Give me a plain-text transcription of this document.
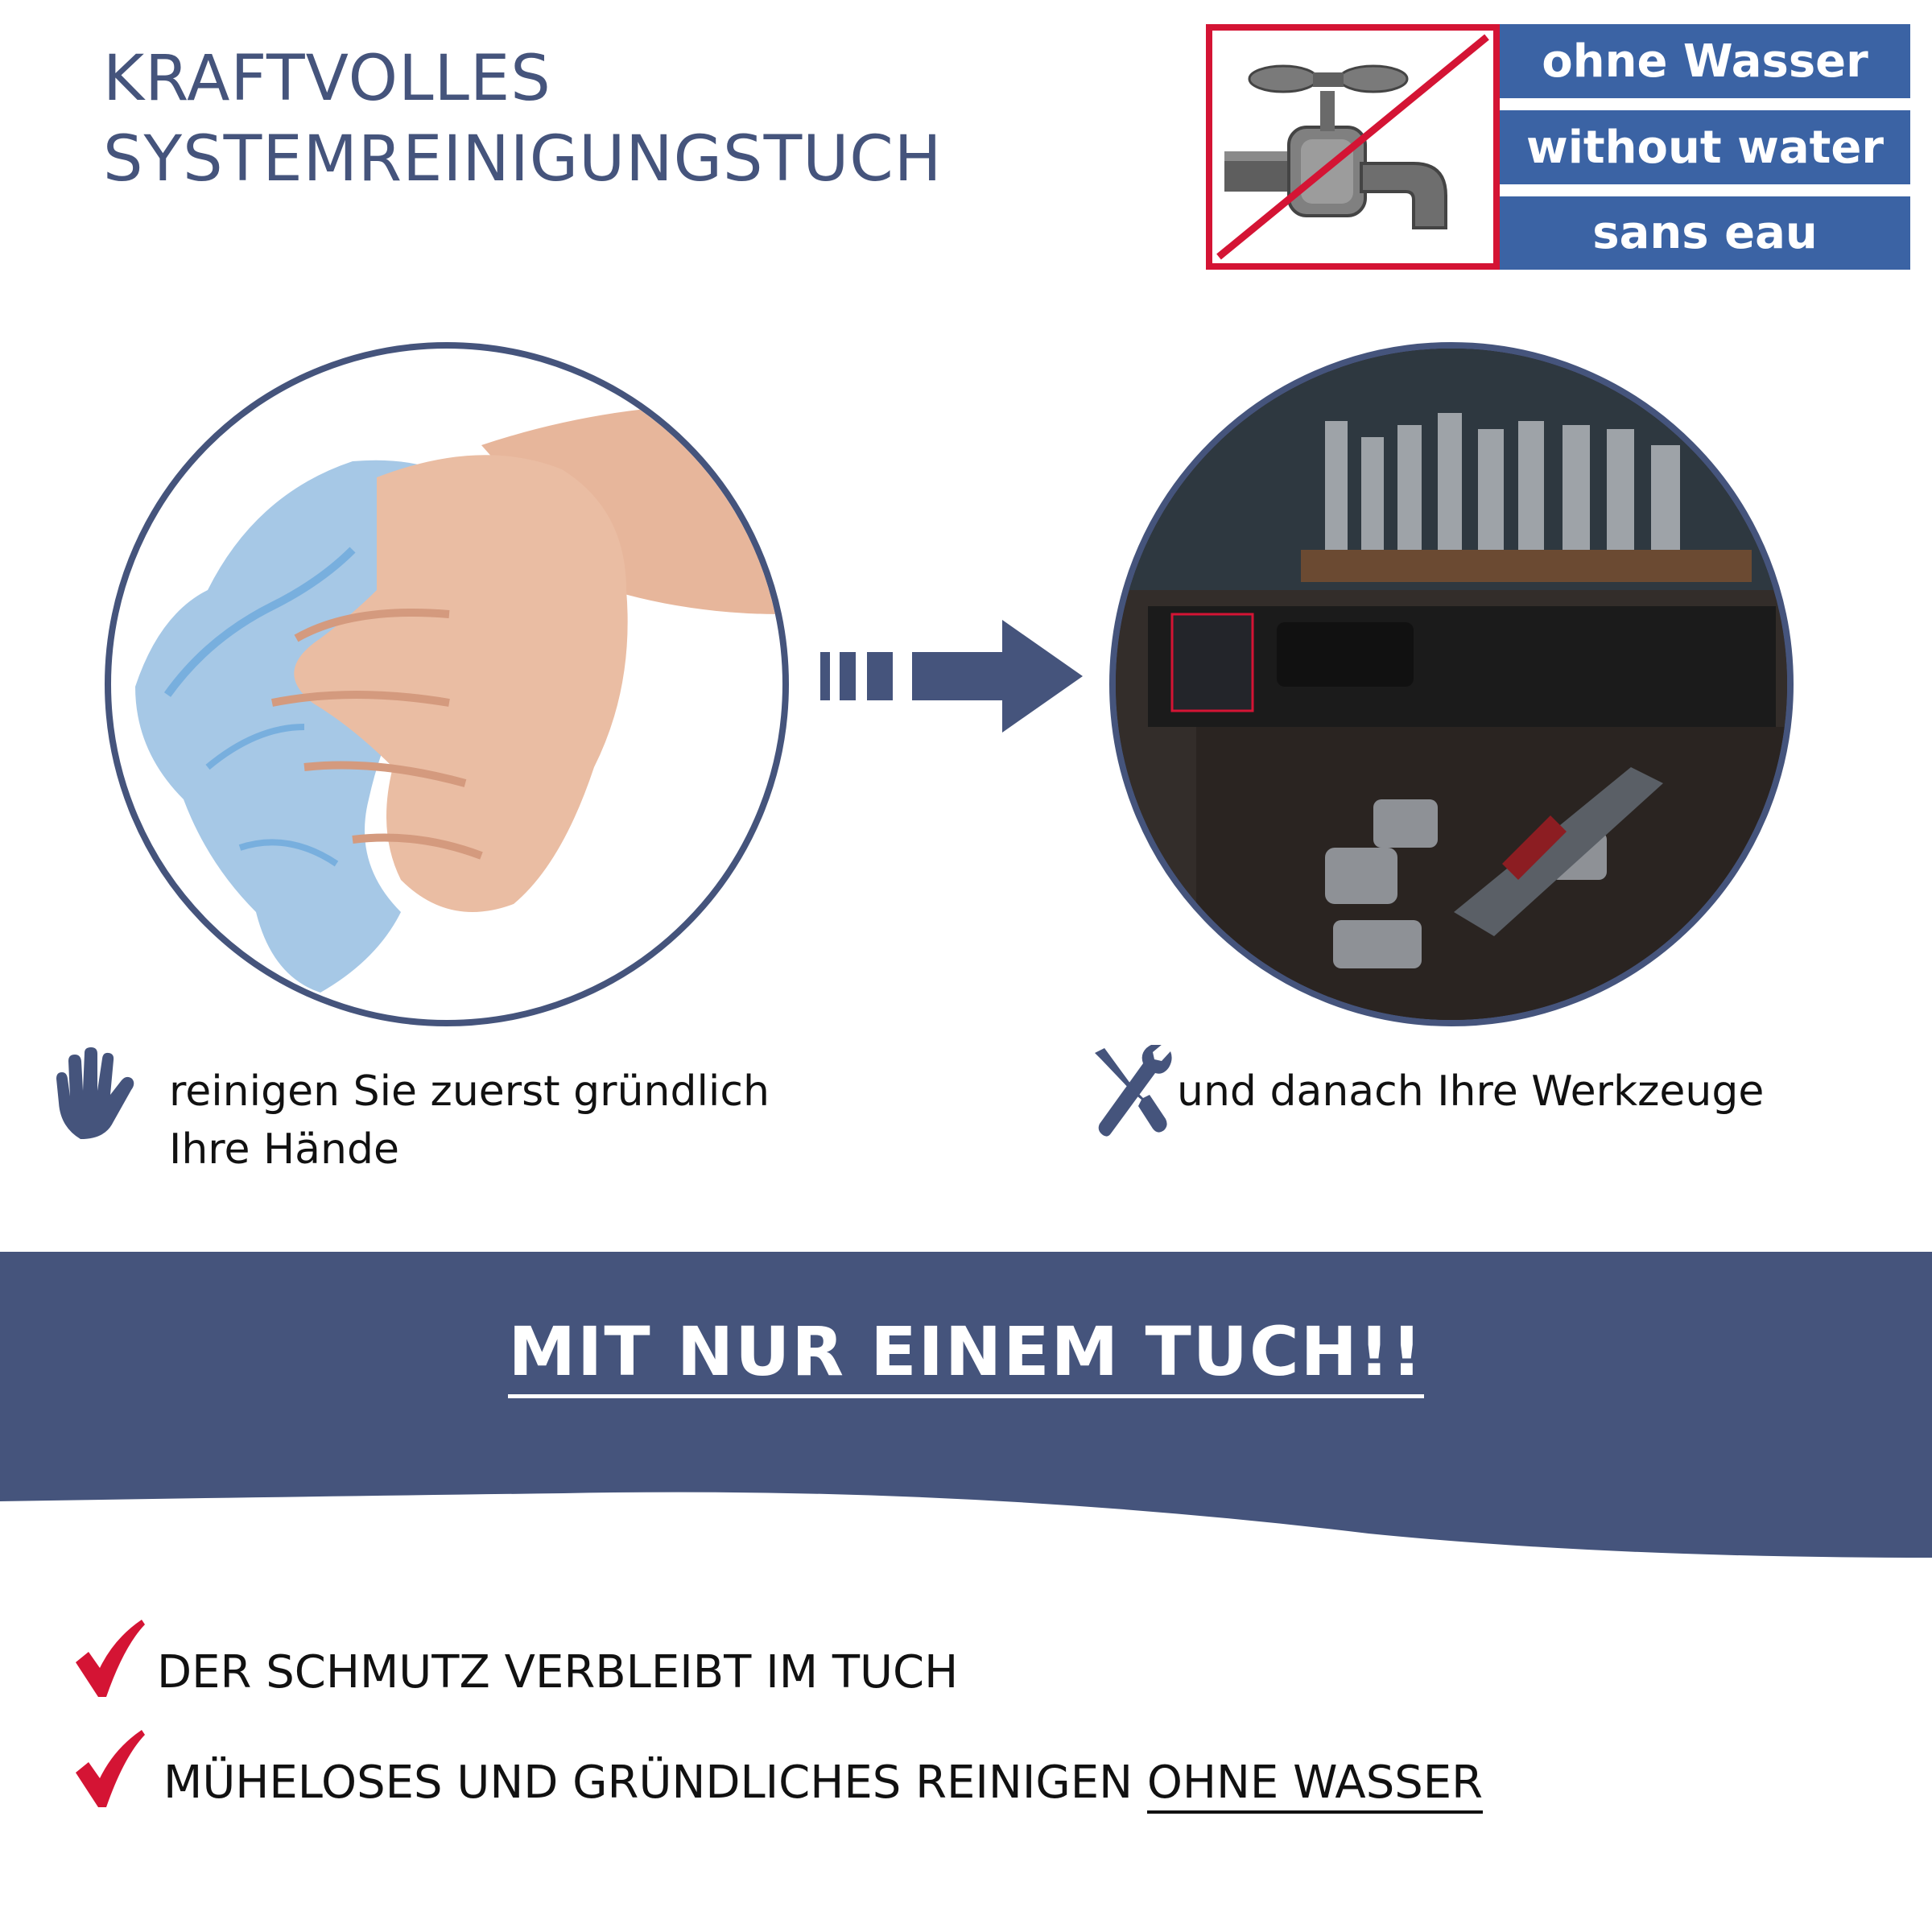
KRAFTVOLLES
SYSTEMREINIGUNGSTUCH
ohne Wasser
without water
sans eau
reinigen Sie zuerst gründlich
Ihre Hände
und danach Ihre Werkzeuge
MIT NUR EINEM TUCH!!
DER SCHMUTZ VERBLEIBT IM TUCH
MÜHELOSES UND GRÜNDLICHES REINIGEN OHNE WASSER
